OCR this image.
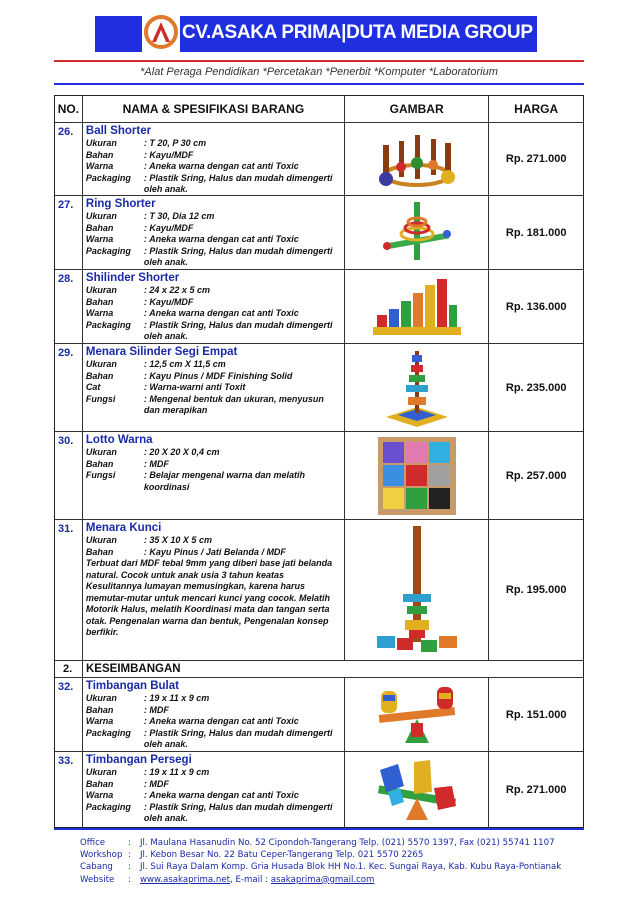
CV.ASAKA PRIMA|DUTA MEDIA GROUP
*Alat Peraga Pendidikan *Percetakan *Penerbit *Komputer *Laboratorium
NO.	NAMA & SPESIFIKASI BARANG	GAMBAR	HARGA
26.	Ball Shorter
Ukuran	: T 20, P 30 cm
Bahan	: Kayu/MDF
Warna	: Aneka warna dengan cat anti Toxic
Packaging	: Plastik Sring, Halus dan mudah dimengerti oleh anak.
Rp. 271.000
27.	Ring Shorter
Ukuran	: T 30, Dia 12 cm
Bahan	: Kayu/MDF
Warna	: Aneka warna dengan cat anti Toxic
Packaging	: Plastik Sring, Halus dan mudah dimengerti oleh anak.
Rp. 181.000
28.	Shilinder Shorter
Ukuran	: 24 x 22 x 5 cm
Bahan	: Kayu/MDF
Warna	: Aneka warna dengan cat anti Toxic
Packaging	: Plastik Sring, Halus dan mudah dimengerti oleh anak.
Rp. 136.000
29.	Menara Silinder Segi Empat
Ukuran	: 12,5 cm X 11,5 cm
Bahan	: Kayu Pinus / MDF Finishing Solid
Cat	: Warna-warni anti Toxit
Fungsi	: Mengenal bentuk dan ukuran, menyusun dan merapikan
Rp. 235.000
30.	Lotto Warna
Ukuran	: 20 X 20 X 0,4 cm
Bahan	: MDF
Fungsi	: Belajar mengenal warna dan melatih koordinasi
Rp. 257.000
31.	Menara Kunci
Ukuran	: 35 X 10 X 5 cm
Bahan	: Kayu Pinus / Jati Belanda / MDF
Terbuat dari MDF tebal 9mm yang diberi base jati belanda natural. Cocok untuk anak usia 3 tahun keatas Kesulitannya lumayan memusingkan, karena harus memutar-mutar untuk mencari kunci yang cocok. Melatih Motorik Halus, melatih Koordinasi mata dan tangan serta otak. Pengenalan warna dan bentuk, Pengenalan konsep berfikir.
Rp. 195.000
2.	KESEIMBANGAN
32.	Timbangan Bulat
Ukuran	: 19 x 11 x 9 cm
Bahan	: MDF
Warna	: Aneka warna dengan cat anti Toxic
Packaging	: Plastik Sring, Halus dan mudah dimengerti oleh anak.
Rp. 151.000
33.	Timbangan Persegi
Ukuran	: 19 x 11 x 9 cm
Bahan	: MDF
Warna	: Aneka warna dengan cat anti Toxic
Packaging	: Plastik Sring, Halus dan mudah dimengerti oleh anak.
Rp. 271.000
Office	:	Jl. Maulana Hasanudin No. 52 Cipondoh-Tangerang Telp. (021) 5570 1397, Fax (021) 55741 1107
Workshop :	Jl. Kebon Besar No. 22 Batu Ceper-Tangerang Telp. 021 5570 2265
Cabang	:	Jl. Sui Raya Dalam Komp. Gria Husada Blok HH No.1. Kec. Sungai Raya, Kab. Kubu Raya-Pontianak
Website	:	www.asakaprima.net , E-mail : asakaprima@gmail.com
